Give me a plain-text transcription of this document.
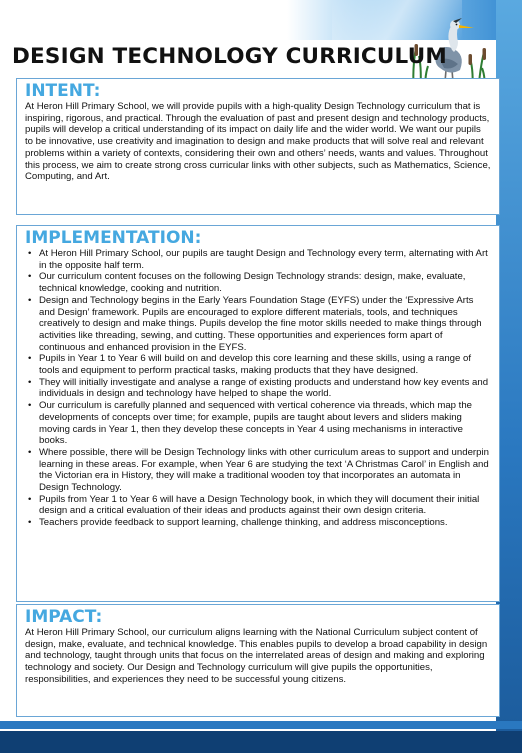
DESIGN TECHNOLOGY CURRICULUM
INTENT:

At Heron Hill Primary School, we will provide pupils with a high-quality Design Technology curriculum that is inspiring, rigorous, and practical. Through the evaluation of past and present design and technology products, pupils will develop a critical understanding of its impact on daily life and the wider world. We want our pupils to be innovative, use creativity and imagination to design and make products that will solve real and relevant problems within a variety of contexts, considering their own and others’ needs, wants and values. Throughout this process, we aim to create strong cross curricular links with other subjects, such as Mathematics, Science, Computing, and Art.

IMPLEMENTATION:
• At Heron Hill Primary School, our pupils are taught Design and Technology every term, alternating with Art in the opposite half term.
• Our curriculum content focuses on the following Design Technology strands: design, make, evaluate, technical knowledge, cooking and nutrition.
• Design and Technology begins in the Early Years Foundation Stage (EYFS) under the ‘Expressive Arts and Design’ framework. Pupils are encouraged to explore different materials, tools, and techniques creatively to design and make things. Pupils develop the fine motor skills needed to make things through activities like threading, sewing, and cutting. These opportunities and experiences form apart of continuous and enhanced provision in the EYFS.
• Pupils in Year 1 to Year 6 will build on and develop this core learning and these skills, using a range of tools and equipment to perform practical tasks, making products that they have designed.
• They will initially investigate and analyse a range of existing products and understand how key events and individuals in design and technology have helped to shape the world.
• Our curriculum is carefully planned and sequenced with vertical coherence via threads, which map the developments of concepts over time; for example, pupils are taught about levers and sliders making moving cards in Year 1, then they develop these concepts in Year 4 using mechanisms in interactive books.
• Where possible, there will be Design Technology links with other curriculum areas to support and underpin learning in these areas. For example, when Year 6 are studying the text ‘A Christmas Carol’ in English and the Victorian era in History, they will make a traditional wooden toy that incorporates an automata in Design Technology.
• Pupils from Year 1 to Year 6 will have a Design Technology book, in which they will document their initial design and a critical evaluation of their ideas and products against their own design criteria.
• Teachers provide feedback to support learning, challenge thinking, and address misconceptions.
IMPACT:

At Heron Hill Primary School, our curriculum aligns learning with the National Curriculum subject content of design, make, evaluate, and technical knowledge. This enables pupils to develop a broad capability in design and technology, taught through units that focus on the interrelated areas of design and making and exploring technology and society. Our Design and Technology curriculum will give pupils the opportunities, responsibilities, and experiences they need to be successful young citizens.
